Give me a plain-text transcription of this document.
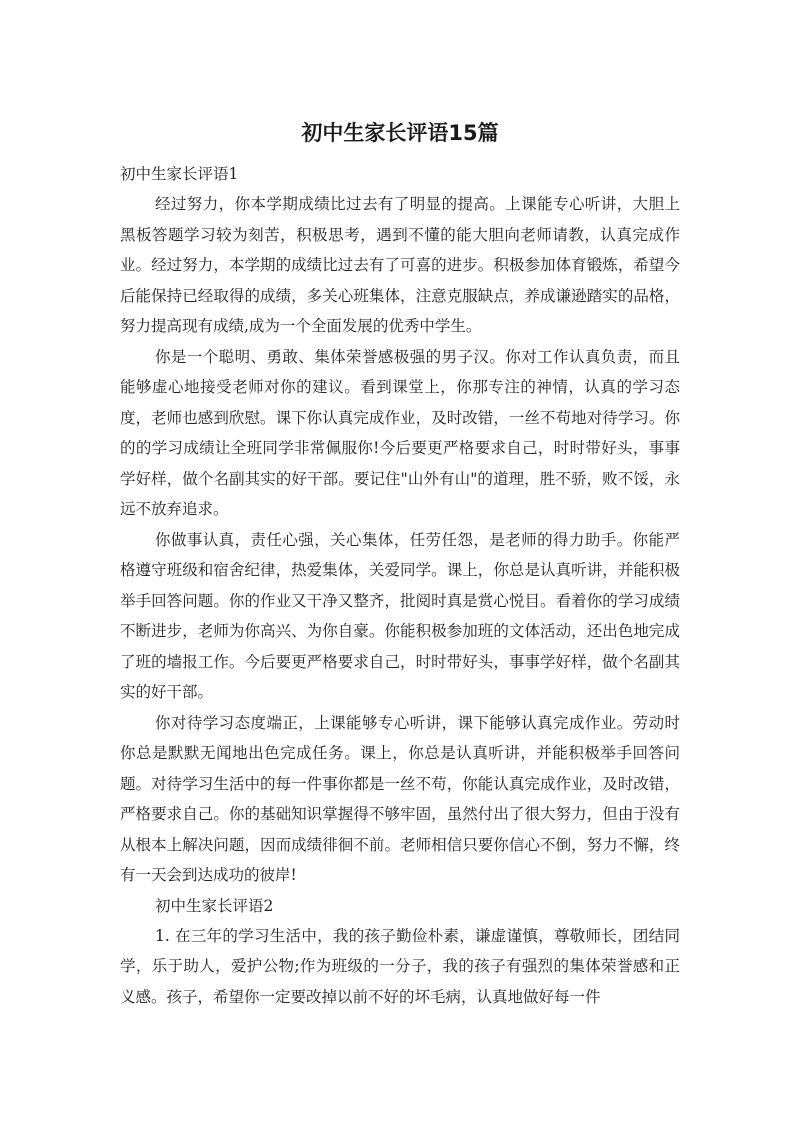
初中生家长评语15篇

初中生家长评语1

经过努力，你本学期成绩比过去有了明显的提高。上课能专心听讲，大胆上黑板答题学习较为刻苦，积极思考，遇到不懂的能大胆向老师请教，认真完成作业。经过努力，本学期的成绩比过去有了可喜的进步。积极参加体育锻炼，希望今后能保持已经取得的成绩，多关心班集体，注意克服缺点，养成谦逊踏实的品格，努力提高现有成绩,成为一个全面发展的优秀中学生。

你是一个聪明、勇敢、集体荣誉感极强的男子汉。你对工作认真负责，而且能够虚心地接受老师对你的建议。看到课堂上，你那专注的神情，认真的学习态度，老师也感到欣慰。课下你认真完成作业，及时改错，一丝不苟地对待学习。你的的学习成绩让全班同学非常佩服你!今后要更严格要求自己，时时带好头，事事学好样，做个名副其实的好干部。要记住"山外有山"的道理，胜不骄，败不馁，永远不放弃追求。

你做事认真，责任心强，关心集体，任劳任怨，是老师的得力助手。你能严格遵守班级和宿舍纪律，热爱集体，关爱同学。课上，你总是认真听讲，并能积极举手回答问题。你的作业又干净又整齐，批阅时真是赏心悦目。看着你的学习成绩不断进步，老师为你高兴、为你自豪。你能积极参加班的文体活动，还出色地完成了班的墙报工作。今后要更严格要求自己，时时带好头，事事学好样，做个名副其实的好干部。

你对待学习态度端正，上课能够专心听讲，课下能够认真完成作业。劳动时你总是默默无闻地出色完成任务。课上，你总是认真听讲，并能积极举手回答问题。对待学习生活中的每一件事你都是一丝不苟，你能认真完成作业，及时改错，严格要求自己。你的基础知识掌握得不够牢固，虽然付出了很大努力，但由于没有从根本上解决问题，因而成绩徘徊不前。老师相信只要你信心不倒，努力不懈，终有一天会到达成功的彼岸!

初中生家长评语2

1. 在三年的学习生活中，我的孩子勤俭朴素，谦虚谨慎，尊敬师长，团结同学，乐于助人，爱护公物;作为班级的一分子，我的孩子有强烈的集体荣誉感和正义感。孩子，希望你一定要改掉以前不好的坏毛病，认真地做好每一件
